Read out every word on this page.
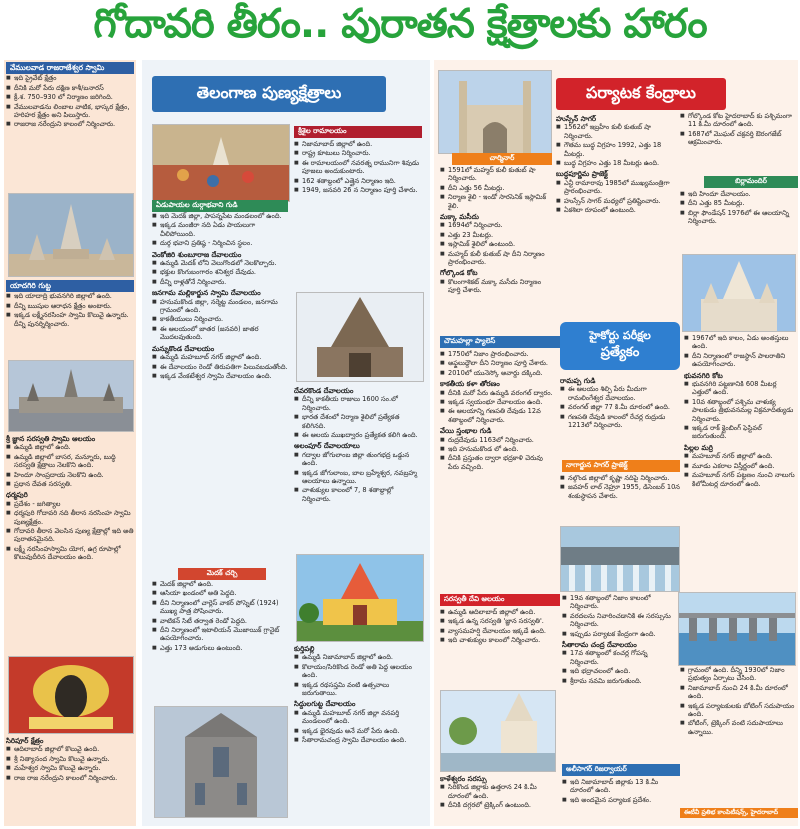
గోదావరి తీరం.. పురాతన క్షేత్రాలకు హారం
వేములవాడ రాజరాజేశ్వర స్వామి
■ ఇది ప్రైవేట్ క్షేత్రం
■ దీనికి మరో పేరు దక్షిణ కాశీ/బనారస్
■ క్రీ.శ. 750–930 లో నిర్మాణం జరిగింది.
■ వేములవాడను లింబాల వాటిక, భాస్కర క్షేత్రం, హరిహర క్షేత్రం అని పిలుస్తారు.
■ రాజరాజ నరేంద్రుని కాలంలో నిర్మించారు.
యాదగిరి గుట్ట
■ ఇది యాదాద్రి భువనగిరి జిల్లాలో ఉంది.
■ దీన్ని ఋషుల ఆరాధన క్షేత్రం అంటారు.
■ ఇక్కడ లక్ష్మీనరసింహ స్వామి కొలువై ఉన్నారు. దీన్ని పునర్నిర్మించారు.
శ్రీ జ్ఞాన సరస్వతి స్వామి ఆలయం
■ ఉమ్మడి జిల్లాలో ఉంది.
■ ఉమ్మడి జిల్లాలో బాసర, మన్నూరు, బుద్ధి సరస్వతి క్షేత్రాలు నెలకొని ఉంది.
■ హిందూ సాంప్రదాయ నెలకొని ఉంది.
■ ప్రధాన దేవత సరస్వతి.
ధర్మపురి
■ ప్రదేశం - జగిత్యాల
■ ధర్మపురి గోదావరి నది తీరాన నరసింహ స్వామి పుణ్యక్షేత్రం.
■ గోదావరి తీరాన వెలసిన పుణ్య క్షేత్రాల్లో ఇది అతి పురాతనమైనది.
■ లక్ష్మీ నరసింహస్వామి యోగ, ఉగ్ర రూపాల్లో కొలువుదీరిన దేవాలయం ఉంది.
సిరిపూర్ క్షేత్రం
■ ఆదిలాబాద్ జిల్లాలో కొలువై ఉంది.
■ శ్రీ నిత్యానంద స్వామి కొలువై ఉన్నారు.
■ మహేశ్వర స్వామి కొలువై ఉన్నారు.
■ రాజ రాజ నరేంద్రుని కాలంలో నిర్మించారు.
తెలంగాణ పుణ్యక్షేత్రాలు
ఏడుపాయల దుర్గాభవాని గుడి
■ ఇది మెదక్ జిల్లా, పాపన్నపేట మండలంలో ఉంది.
■ ఇక్కడ మంజీరా నది ఏడు పాయలుగా చీలిపోయింది.
■ దుర్గ భవాని ప్రతిష్ఠ - నిర్మించిన స్థలం.
వెంకోజిరి శుంబూరాజ దేవాలయం
■ ఉమ్మడి మెదక్ లోని వెలుగొండలో నెలకొల్పారు.
■ భక్తుల కొంగుబంగారం శనిశ్వర దేవుడు.
■ దీన్ని రాళ్లతోనే నిర్మించారు.
జనగామ మల్లికార్జున స్వామి దేవాలయం
■ హనుమకొండ జిల్లా, నర్మెట్ట మండలం, జనగామ గ్రామంలో ఉంది.
■ కాకతీయులు నిర్మించారు.
■ ఈ ఆలయంలో జాతర (జనవరి) జాతర మొదలవుతుంది.
మన్నుకొండ దేవాలయం
■ ఉమ్మడి మహబూబ్ నగర్ జిల్లాలో ఉంది.
■ ఈ దేవాలయం రెండో తిరుపతిగా పిలువబడుతోంది.
■ ఇక్కడ వేంకటేశ్వర స్వామి దేవాలయం ఉంది.
మెదక్ చర్చి
■ మెదక్ జిల్లాలో ఉంది.
■ ఆసియా ఖండంలో అతి పెద్దది.
■ దీని నిర్మాణంలో చార్లెస్ వాకర్ పోస్నెట్ (1924) ముఖ్య పాత్ర పోషించారు.
■ వాటికన్ సిటీ తర్వాత రెండో పెద్దది.
■ దీని నిర్మాణంలో ఇటాలియన్ మొజాయిక్ గ్రానైట్ ఉపయోగించారు.
■ ఎత్తు 173 అడుగులు ఉంటుంది.
శ్రీశైల రామాలయం
■ నిజామాబాద్ జిల్లాలో ఉంది.
■ రాష్ట్ర కూటులు నిర్మించారు.
■ ఈ రామాలయంలో నవరత్న రామునిగా శివుడు పూజలు అందుకుంటారు.
■ 162 శతాబ్దంలో ఎత్తైన నిర్మాణం ఇది.
■ 1949, జనవరి 26 న నిర్మాణం పూర్తి చేశారు.
దేవరకొండ దేవాలయం
■ దీన్ని కాకతీయ రాజులు 1600 సం.లో నిర్మించారు.
■ భారత దేశంలో నిర్మాణ శైలిలో ప్రత్యేకత కలిగినది.
■ ఈ ఆలయ ముఖద్వారం ప్రత్యేకత కలిగి ఉంది.
అలంపూర్ దేవాలయాలు
■ గద్వాల జోగులాంబ జిల్లా తుంగభద్ర ఒడ్డున ఉంది.
■ ఇక్కడ జోగులాంబ, బాల బ్రహ్మేశ్వర, నవబ్రహ్మ ఆలయాలు ఉన్నాయి.
■ చాళుక్యుల కాలంలో 7, 8 శతాబ్దాల్లో నిర్మించారు.
కుర్తిపల్లి
■ ఉమ్మడి నిజామాబాద్ జిల్లాలో ఉంది.
■ కొలాయం/సిరికొండ రెండో అతి పెద్ద ఆలయం ఉంది.
■ ఇక్కడ రథసప్తమి వంటి ఉత్సవాలు జరుగుతాయి.
సిద్దులగుట్ట దేవాలయం
■ ఉమ్మడి మహబూబ్ నగర్ జిల్లా వనపర్తి మండలంలో ఉంది.
■ ఇక్కడ భైరవుడు అనే మరో పేరు ఉంది.
■ సీతారామచంద్ర స్వామి దేవాలయం ఉంది.
పర్యాటక కేంద్రాలు
చార్మినార్
■ 1591లో మహ్మద్ కులీ కుతుబ్ షా నిర్మించారు.
■ దీని ఎత్తు 56 మీటర్లు.
■ నిర్మాణ శైలి - ఇండో సారసెనిక్ ఇస్లామిక్ శైలి.
మక్కా మసీదు
■ 1694లో నిర్మించారు.
■ ఎత్తు 23 మీటర్లు.
■ ఇస్లామిక్ శైలిలో ఉంటుంది.
■ మహ్మద్ కులీ కుతుబ్ షా దీని నిర్మాణం ప్రారంభించారు.
గోల్కొండ కోట
■ కొలంగాశికట్ మక్కా మసీదు నిర్మాణం పూర్తి చేశారు.
హుస్సేన్ సాగర్
■ 1562లో ఇబ్రహీం కులీ కుతుబ్ షా నిర్మించారు.
■ గౌతమ బుద్ధ విగ్రహం 1992, ఎత్తు 18 మీటర్లు.
■ బుద్ధ విగ్రహం ఎత్తు 18 మీటర్లు ఉంది.
బుద్ధపూర్ణిమ ప్రాజెక్ట్
■ ఎన్టీ రామారావు 1985లో ముఖ్యమంత్రిగా ప్రారంభించారు.
■ హుస్సేన్ సాగర్ మధ్యలో ప్రతిష్టించారు.
■ ఏకశిలా రూపంలో ఉంటుంది.
■ గోల్కొండ కోట హైదరాబాద్ కు పశ్చిమంగా 11 కి.మీ దూరంలో ఉంది.
■ 1687లో మొఘల్ చక్రవర్తి ఔరంగజేబ్ ఆక్రమించారు.
బిర్లామందిర్
■ ఇది హిందూ దేవాలయం.
■ దీని ఎత్తు 85 మీటర్లు.
■ బిర్లా ఫౌండేషన్ 1976లో ఈ ఆలయాన్ని నిర్మించారు.
చౌమహల్లా ప్యాలెస్
■ 1750లో నిజాం ప్రారంభించారు.
■ అఫ్జలుద్దౌలా దీని నిర్మాణం పూర్తి చేశారు.
■ 2010లో యునెస్కో అవార్డు దక్కింది.
కాకతీయ కళా తోరణం
■ దీనికి మరో పేరు ఉమ్మడి వరంగల్ ద్వారం.
■ ఇక్కడ స్వయంభూ దేవాలయం ఉంది.
■ ఈ ఆలయాన్ని గణపతి దేవుడు 12వ శతాబ్దంలో నిర్మించారు.
వేయి స్తంభాల గుడి
■ రుద్రదేవుడు 1163లో నిర్మించారు.
■ ఇది హనుమకొండ లో ఉంది.
■ దీనికి ప్రస్తుతం ద్వారా భద్రకాళి చెరువు పేరు వచ్చింది.
హైకోర్టు పరీక్షల
ప్రత్యేకం
రామప్ప గుడి
■ ఈ ఆలయం శిల్పి పేరు మీదుగా రామలింగేశ్వర దేవాలయం.
■ వరంగల్ జిల్లా 77 కి.మీ దూరంలో ఉంది.
■ గణపతి దేవుడి కాలంలో రేచర్ల రుద్రుడు 1213లో నిర్మించారు.
నాగార్జున సాగర్ ప్రాజెక్ట్
■ నల్గొండ జిల్లాలో కృష్ణా నదిపై నిర్మించారు.
■ జవహర్ లాల్ నెహ్రూ 1955, డిసెంబర్ 10న శంకుస్థాపన చేశారు.
■ 1967లో ఇది కాలం, ఏడు అంతస్తులు ఉంది.
■ దీని నిర్మాణంలో రాజస్థాన్ పాలరాతిని ఉపయోగించారు.
భువనగిరి కోట
■ భువనగిరి పట్టణానికి 608 మీటర్ల ఎత్తులో ఉంది.
■ 10వ శతాబ్దంలో పశ్చిమ చాళుక్య పాలకుడు త్రిభువనమల్ల విక్రమాదిత్యుడు నిర్మించారు.
■ ఇక్కడ రాక్ క్లైంబింగ్ ఫెస్టివల్ జరుగుతుంది.
పిల్లల మర్రి
■ మహబూబ్ నగర్ జిల్లాలో ఉంది.
■ మూడు ఎకరాల విస్తీర్ణంలో ఉంది.
■ మహబూబ్ నగర్ పట్టణం నుంచి నాలుగు కిలోమీటర్ల దూరంలో ఉంది.
సరస్వతీ దేవి ఆలయం
■ ఉమ్మడి ఆదిలాబాద్ జిల్లాలో ఉంది.
■ ఇక్కడ ఉన్న సరస్వతి 'జ్ఞాన సరస్వతి'.
■ వ్యాసమహర్షి దేవాలయం ఇక్కడే ఉంది.
■ ఇది చాళుక్యుల కాలంలో నిర్మించారు.
కాళేశ్వరం సరస్సు
■ సిరికొండ జిల్లాకు ఉత్తరాన 24 కి.మీ దూరంలో ఉంది.
■ దీనికి దగ్గరలో ట్రెక్కింగ్ ఉంటుంది.
■ 19వ శతాబ్దంలో నిజాం కాలంలో నిర్మించారు.
■ వరదలను నివారించడానికి ఈ సరస్సును నిర్మించారు.
■ ఇప్పుడు పర్యాటక కేంద్రంగా ఉంది.
సీతారామ చంద్ర దేవాలయం
■ 17వ శతాబ్దంలో కంచర్ల గోపన్న నిర్మించారు.
■ ఇది భద్రాచలంలో ఉంది.
■ శ్రీరామ నవమి జరుగుతుంది.
అలీసాగర్ రిజర్వాయర్
■ ఇది నిజామాబాద్ జిల్లాకు 13 కి.మీ దూరంలో ఉంది.
■ ఇది అందమైన పర్యాటక ప్రదేశం.
■ గ్రామంలో ఉంది. దీన్ని 1930లో నిజాం ప్రభుత్వం ఏర్పాటు చేసింది.
■ నిజామాబాద్ నుంచి 24 కి.మీ దూరంలో ఉంది.
■ ఇక్కడ పర్యాటకులకు బోటింగ్ సదుపాయం ఉంది.
■ బోటింగ్, ట్రెక్కింగ్ వంటి సదుపాయాలు ఉన్నాయి.
ఈటీవీ ప్రతిభ కాంపిటీషన్స్, హైదరాబాద్
